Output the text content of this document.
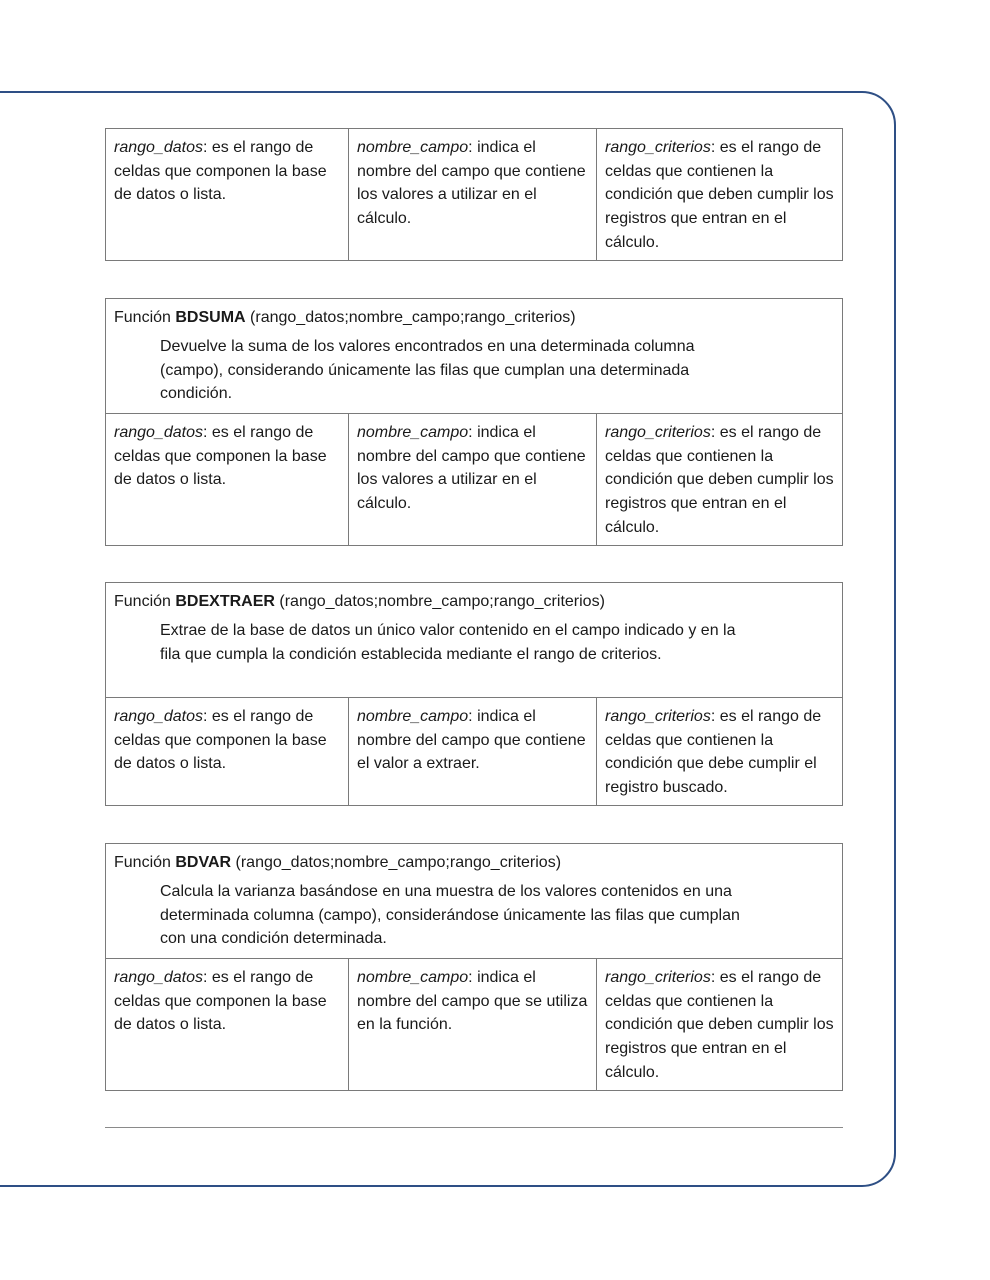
rango_datos: es el rango de celdas que componen la base de datos o lista.
nombre_campo: indica el nombre del campo que contiene los valores a utilizar en el cálculo.
rango_criterios: es el rango de celdas que contienen la condición que deben cumplir los registros que entran en el cálculo.
Función BDSUMA (rango_datos;nombre_campo;rango_criterios)
Devuelve la suma de los valores encontrados en una determinada columna (campo), considerando únicamente las filas que cumplan una determinada condición.
rango_datos: es el rango de celdas que componen la base de datos o lista.
nombre_campo: indica el nombre del campo que contiene los valores a utilizar en el cálculo.
rango_criterios: es el rango de celdas que contienen la condición que deben cumplir los registros que entran en el cálculo.
Función BDEXTRAER (rango_datos;nombre_campo;rango_criterios)
Extrae de la base de datos un único valor contenido en el campo indicado y en la fila que cumpla la condición establecida mediante el rango de criterios.
rango_datos: es el rango de celdas que componen la base de datos o lista.
nombre_campo: indica el nombre del campo que contiene el valor a extraer.
rango_criterios: es el rango de celdas que contienen la condición que debe cumplir el registro buscado.
Función BDVAR (rango_datos;nombre_campo;rango_criterios)
Calcula la varianza basándose en una muestra de los valores contenidos en una determinada columna (campo), considerándose únicamente las filas que cumplan con una condición determinada.
rango_datos: es el rango de celdas que componen la base de datos o lista.
nombre_campo: indica el nombre del campo que se utiliza en la función.
rango_criterios: es el rango de celdas que contienen la condición que deben cumplir los registros que entran en el cálculo.
